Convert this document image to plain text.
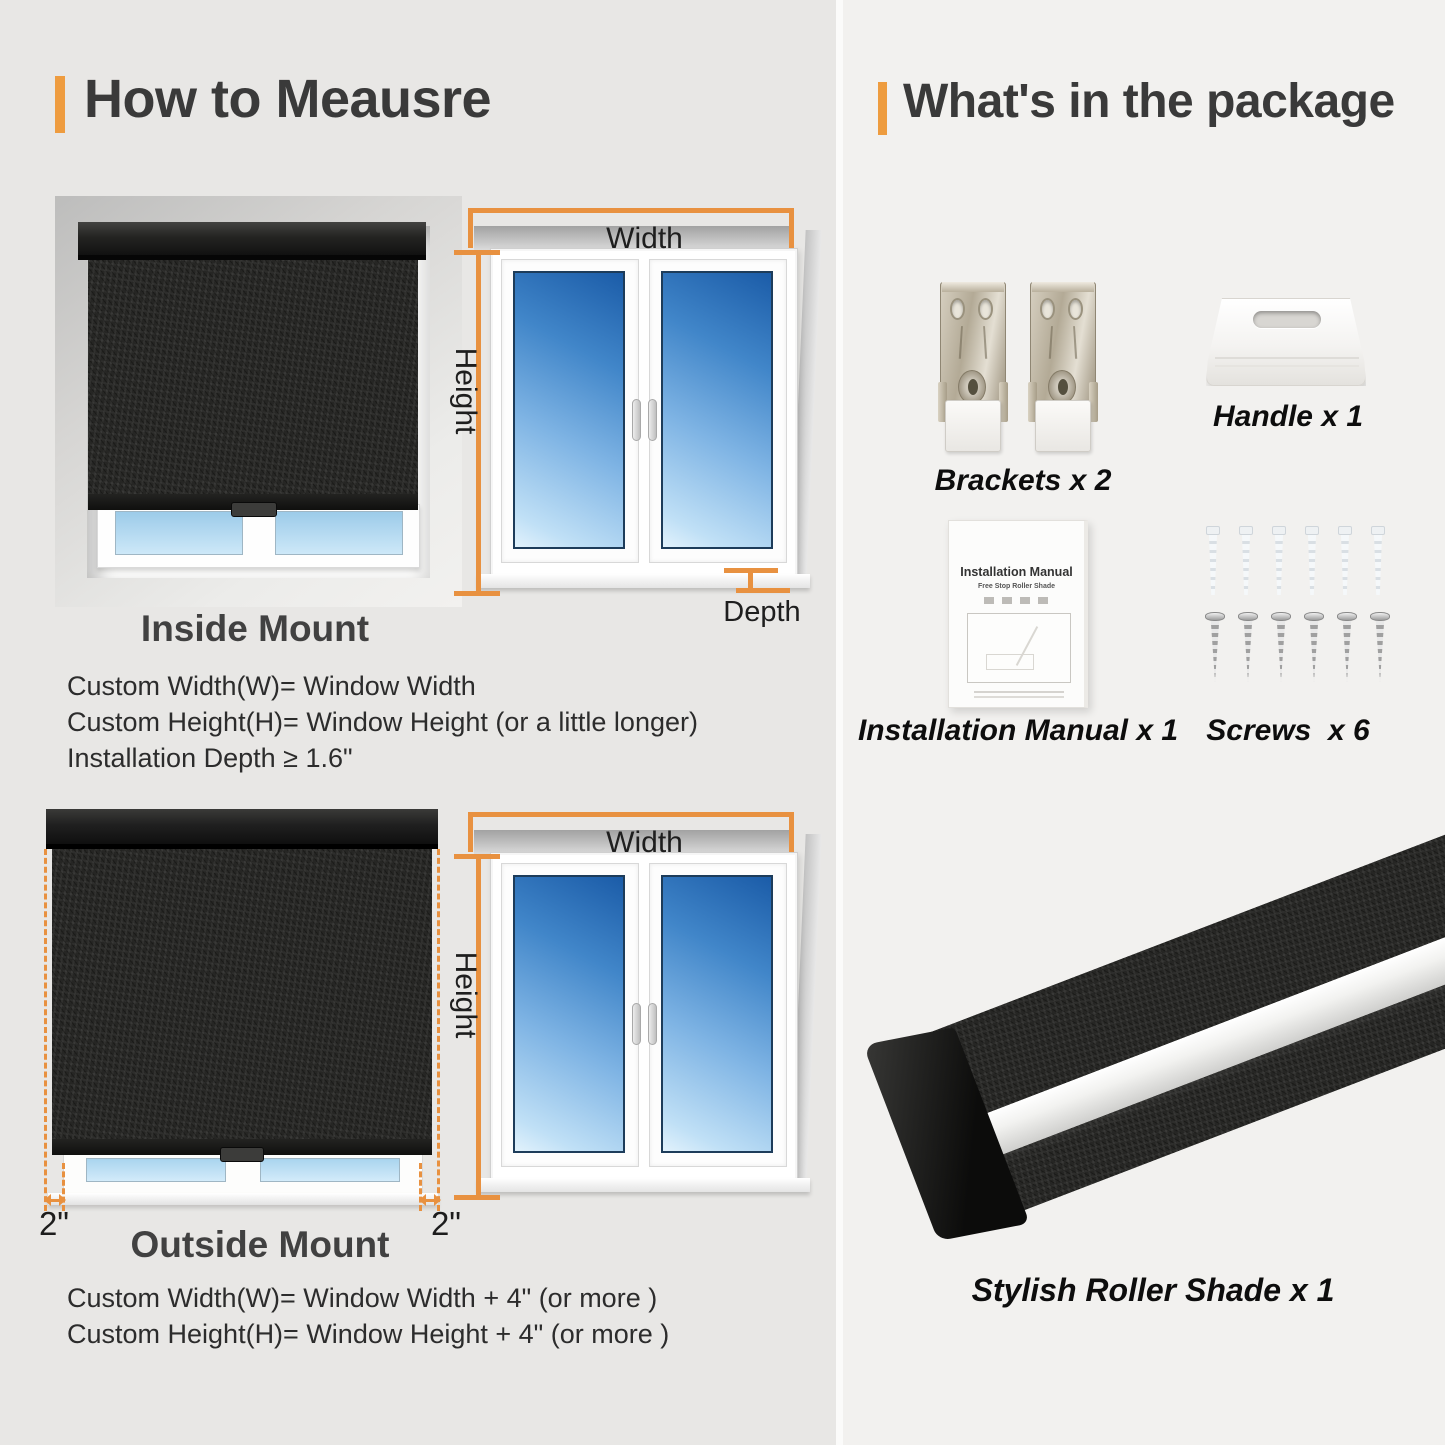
How to Meausre
Width
Height
Depth
Inside Mount

Custom Width(W)= Window Width

Custom Height(H)= Window Height (or a little longer)

Installation Depth ≥ 1.6"

2"	2"
Width
Height
Outside Mount

Custom Width(W)= Window Width + 4" (or more )

Custom Height(H)= Window Height + 4" (or more )

What's in the package
Brackets x 2
Handle x 1
Installation Manual
Free Stop Roller Shade
Installation Manual x 1 Screws  x 6
Stylish Roller Shade x 1
